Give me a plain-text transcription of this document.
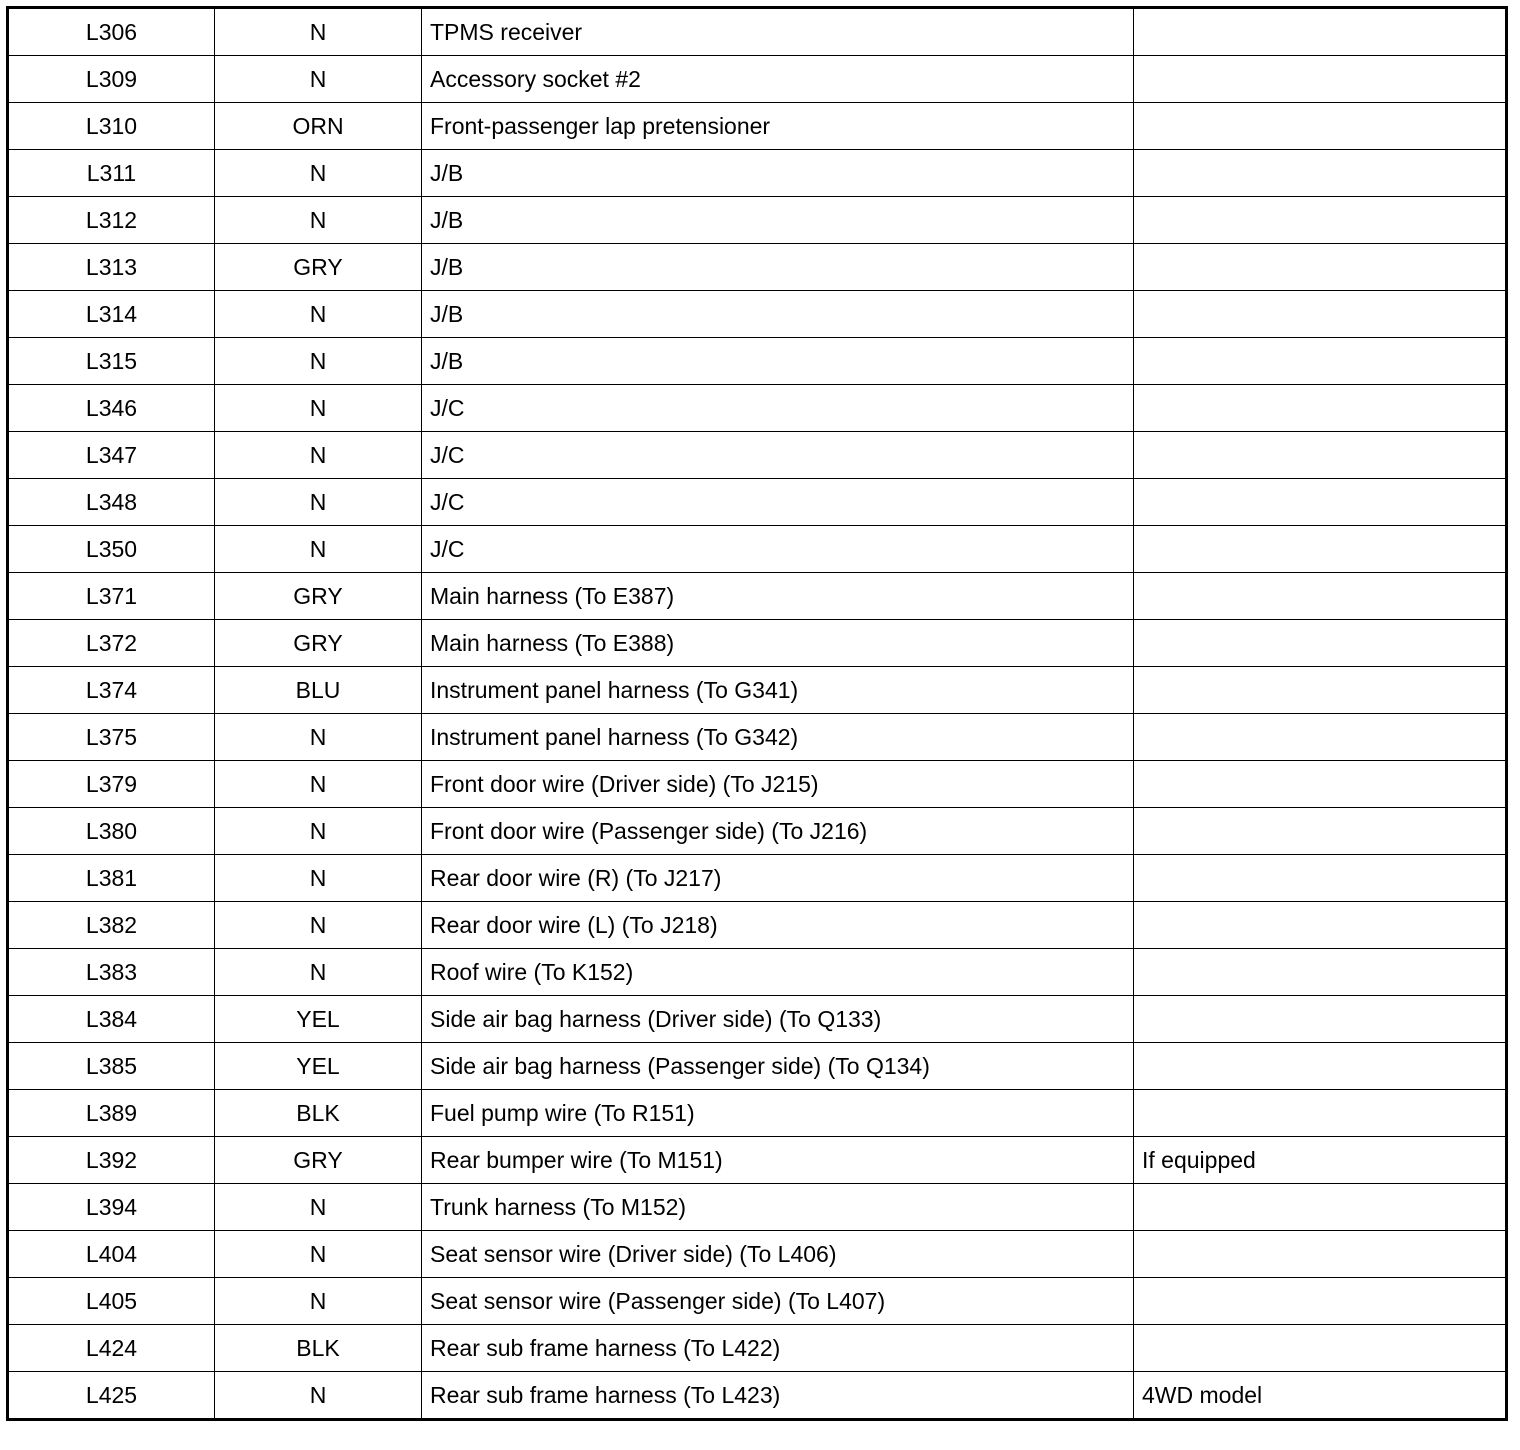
L306	N	TPMS receiver	
L309	N	Accessory socket #2	
L310	ORN	Front-passenger lap pretensioner	
L311	N	J/B	
L312	N	J/B	
L313	GRY	J/B	
L314	N	J/B	
L315	N	J/B	
L346	N	J/C	
L347	N	J/C	
L348	N	J/C	
L350	N	J/C	
L371	GRY	Main harness (To E387)	
L372	GRY	Main harness (To E388)	
L374	BLU	Instrument panel harness (To G341)	
L375	N	Instrument panel harness (To G342)	
L379	N	Front door wire (Driver side) (To J215)	
L380	N	Front door wire (Passenger side) (To J216)	
L381	N	Rear door wire (R) (To J217)	
L382	N	Rear door wire (L) (To J218)	
L383	N	Roof wire (To K152)	
L384	YEL	Side air bag harness (Driver side) (To Q133)	
L385	YEL	Side air bag harness (Passenger side) (To Q134)	
L389	BLK	Fuel pump wire (To R151)	
L392	GRY	Rear bumper wire (To M151)	If equipped
L394	N	Trunk harness (To M152)	
L404	N	Seat sensor wire (Driver side) (To L406)	
L405	N	Seat sensor wire (Passenger side) (To L407)	
L424	BLK	Rear sub frame harness (To L422)	
L425	N	Rear sub frame harness (To L423)	4WD model
